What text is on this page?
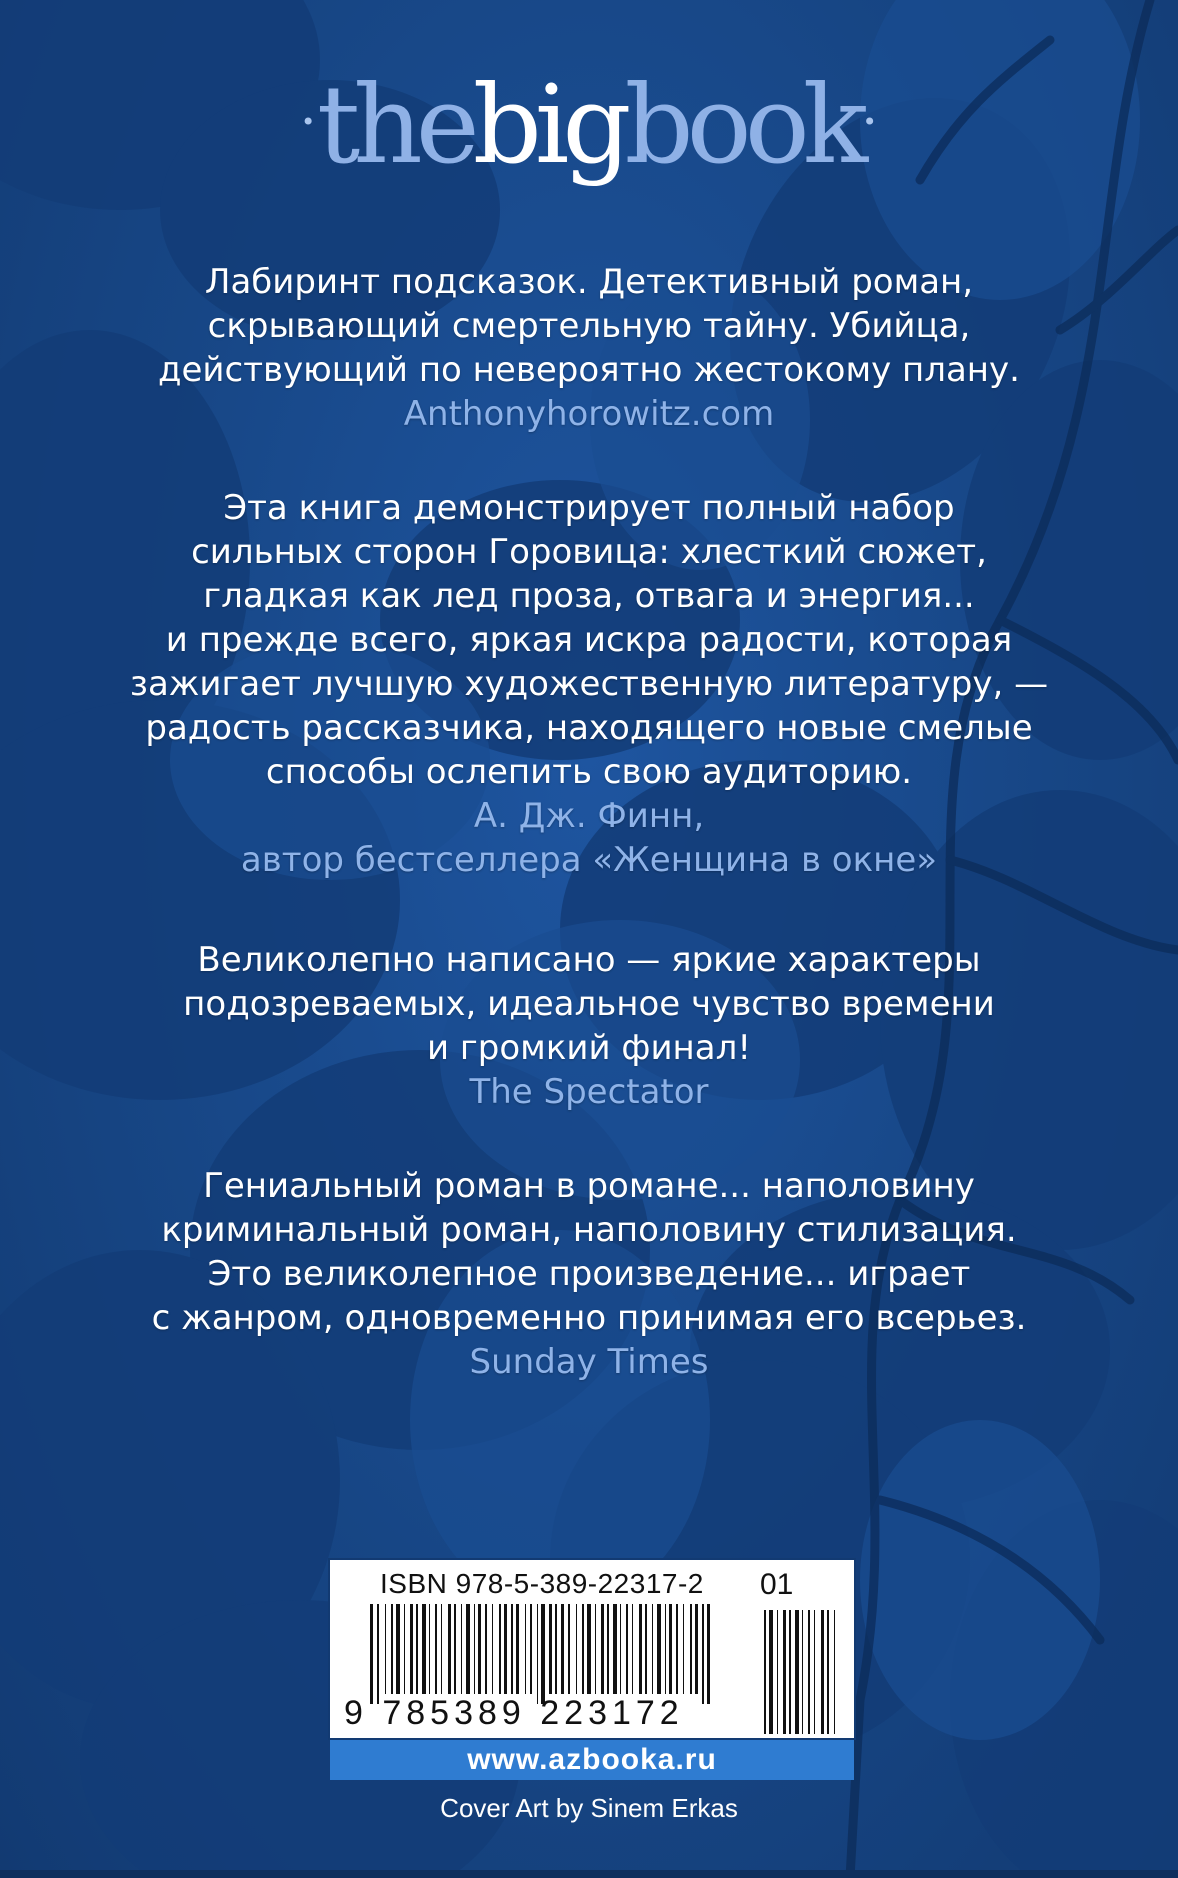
·thebigbook·
Лабиринт подсказок. Детективный роман,
скрывающий смертельную тайну. Убийца,
действующий по невероятно жестокому плану.
Anthonyhorowitz.com
Эта книга демонстрирует полный набор
сильных сторон Горовица: хлесткий сюжет,
гладкая как лед проза, отвага и энергия...
и прежде всего, яркая искра радости, которая
зажигает лучшую художественную литературу, —
радость рассказчика, находящего новые смелые
способы ослепить свою аудиторию.
А. Дж. Финн,
автор бестселлера «Женщина в окне»
Великолепно написано — яркие характеры
подозреваемых, идеальное чувство времени
и громкий финал!
The Spectator
Гениальный роман в романе... наполовину
криминальный роман, наполовину стилизация.
Это великолепное произведение... играет
с жанром, одновременно принимая его всерьез.
Sunday Times
ISBN 978-5-389-22317-2 01
9 785389 223172
www.azbooka.ru
Cover Art by Sinem Erkas
